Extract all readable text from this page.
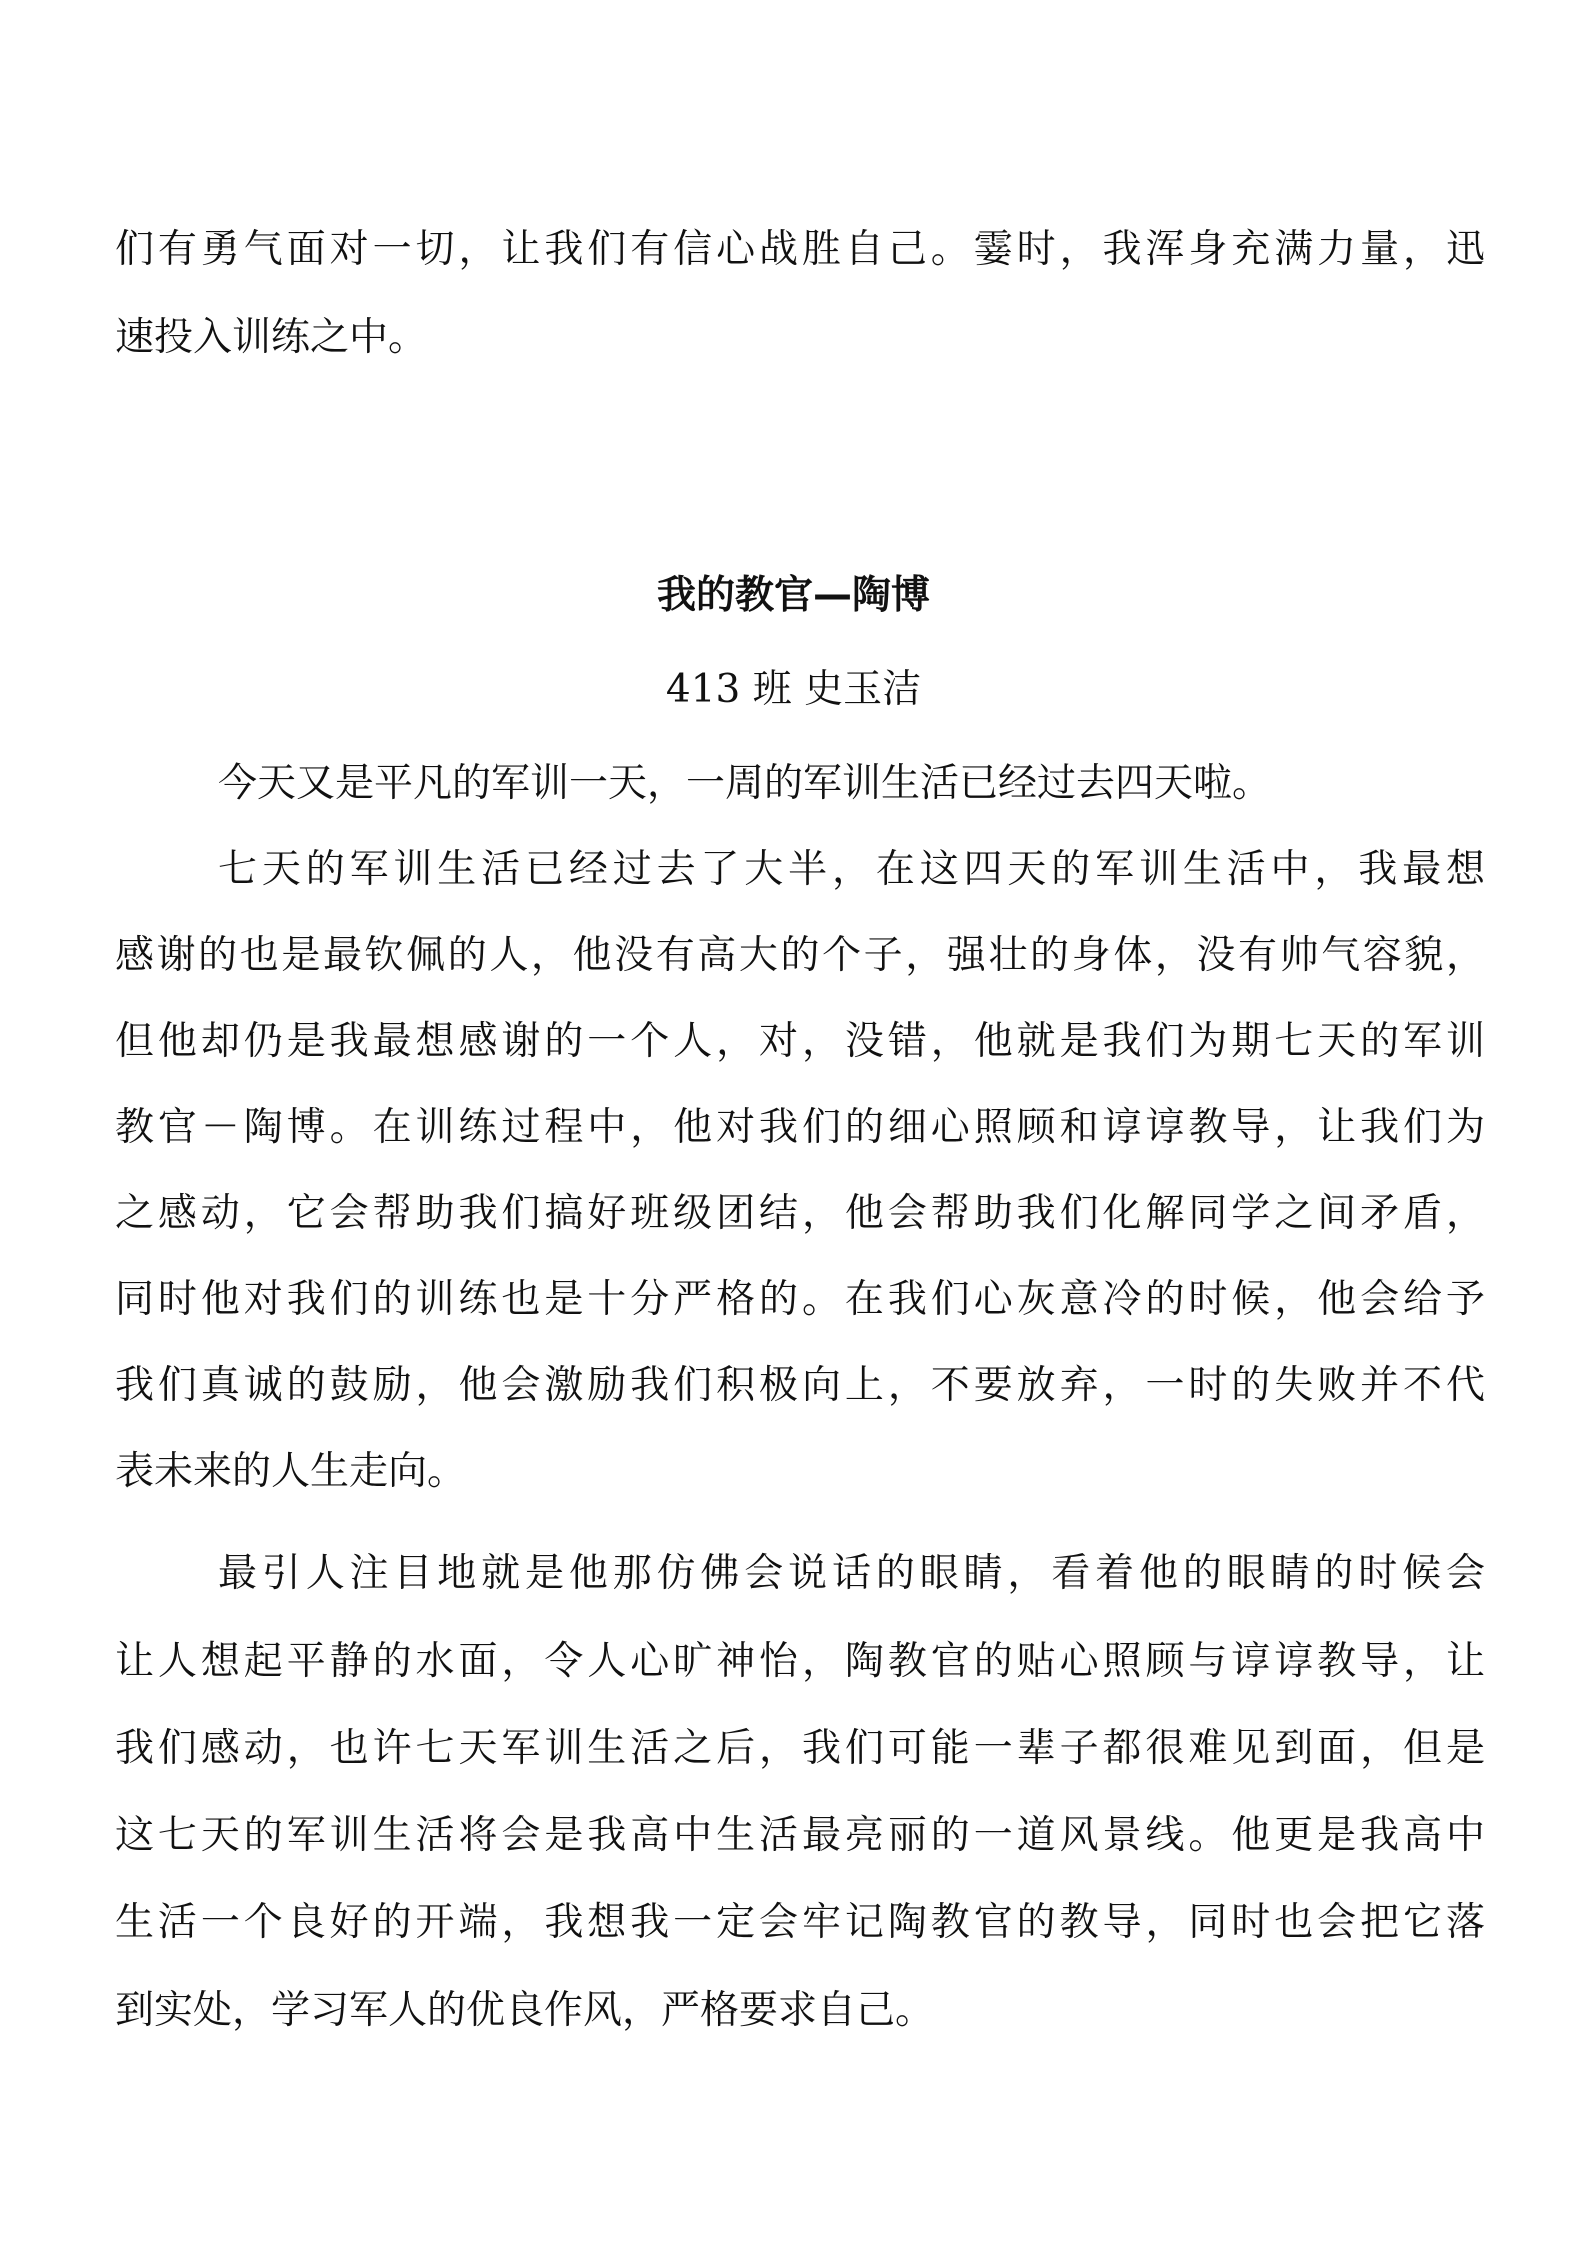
们有勇气面对一切，让我们有信心战胜自己。霎时，我浑身充满力量，迅
速投入训练之中。
我的教官—陶博
413 班 史玉洁
今天又是平凡的军训一天，一周的军训生活已经过去四天啦。
七天的军训生活已经过去了大半，在这四天的军训生活中，我最想
感谢的也是最钦佩的人，他没有高大的个子，强壮的身体，没有帅气容貌，
但他却仍是我最想感谢的一个人，对，没错，他就是我们为期七天的军训
教官－陶博。在训练过程中，他对我们的细心照顾和谆谆教导，让我们为
之感动，它会帮助我们搞好班级团结，他会帮助我们化解同学之间矛盾，
同时他对我们的训练也是十分严格的。在我们心灰意冷的时候，他会给予
我们真诚的鼓励，他会激励我们积极向上，不要放弃，一时的失败并不代
表未来的人生走向。
最引人注目地就是他那仿佛会说话的眼睛，看着他的眼睛的时候会
让人想起平静的水面，令人心旷神怡，陶教官的贴心照顾与谆谆教导，让
我们感动，也许七天军训生活之后，我们可能一辈子都很难见到面，但是
这七天的军训生活将会是我高中生活最亮丽的一道风景线。他更是我高中
生活一个良好的开端，我想我一定会牢记陶教官的教导，同时也会把它落
到实处，学习军人的优良作风，严格要求自己。
